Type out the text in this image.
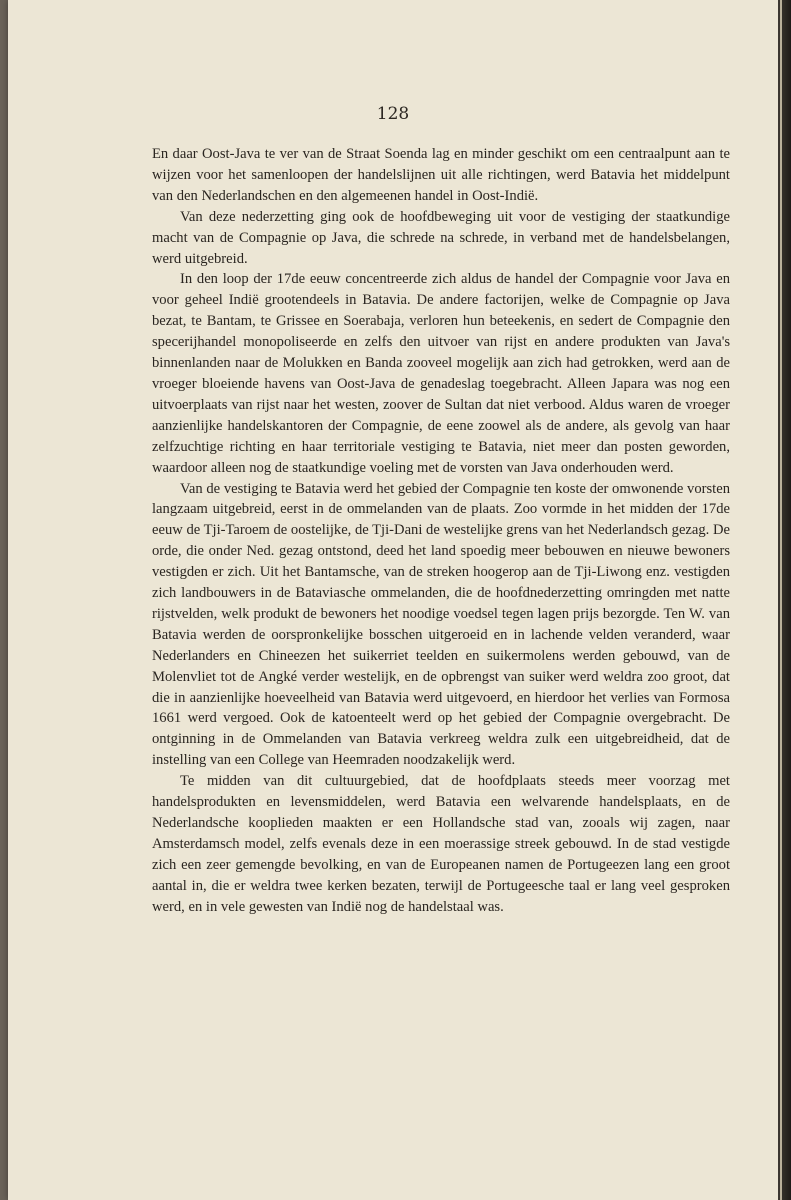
128

En daar Oost-Java te ver van de Straat Soenda lag en minder geschikt om een centraalpunt aan te wijzen voor het samenloopen der handelslijnen uit alle richtingen, werd Batavia het middelpunt van den Nederlandschen en den algemeenen handel in Oost-Indië.

Van deze nederzetting ging ook de hoofdbeweging uit voor de vestiging der staatkundige macht van de Compagnie op Java, die schrede na schrede, in verband met de handelsbelangen, werd uitgebreid.

In den loop der 17de eeuw concentreerde zich aldus de handel der Compagnie voor Java en voor geheel Indië grootendeels in Batavia. De andere factorijen, welke de Compagnie op Java bezat, te Bantam, te Grissee en Soerabaja, verloren hun beteekenis, en sedert de Compagnie den specerijhandel monopoliseerde en zelfs den uitvoer van rijst en andere produkten van Java's binnenlanden naar de Molukken en Banda zooveel mogelijk aan zich had getrokken, werd aan de vroeger bloeiende havens van Oost-Java de genadeslag toegebracht. Alleen Japara was nog een uitvoerplaats van rijst naar het westen, zoover de Sultan dat niet verbood. Aldus waren de vroeger aanzienlijke handelskantoren der Compagnie, de eene zoowel als de andere, als gevolg van haar zelfzuchtige richting en haar territoriale vestiging te Batavia, niet meer dan posten geworden, waardoor alleen nog de staatkundige voeling met de vorsten van Java onderhouden werd.

Van de vestiging te Batavia werd het gebied der Compagnie ten koste der omwonende vorsten langzaam uitgebreid, eerst in de ommelanden van de plaats. Zoo vormde in het midden der 17de eeuw de Tji-Taroem de oostelijke, de Tji-Dani de westelijke grens van het Nederlandsch gezag. De orde, die onder Ned. gezag ontstond, deed het land spoedig meer bebouwen en nieuwe bewoners vestigden er zich. Uit het Bantamsche, van de streken hoogerop aan de Tji-Liwong enz. vestigden zich landbouwers in de Bataviasche ommelanden, die de hoofdnederzetting omringden met natte rijstvelden, welk produkt de bewoners het noodige voedsel tegen lagen prijs bezorgde. Ten W. van Batavia werden de oorspronkelijke bosschen uitgeroeid en in lachende velden veranderd, waar Nederlanders en Chineezen het suikerriet teelden en suikermolens werden gebouwd, van de Molenvliet tot de Angké verder westelijk, en de opbrengst van suiker werd weldra zoo groot, dat die in aanzienlijke hoeveelheid van Batavia werd uitgevoerd, en hierdoor het verlies van Formosa 1661 werd vergoed. Ook de katoenteelt werd op het gebied der Compagnie overgebracht. De ontginning in de Ommelanden van Batavia verkreeg weldra zulk een uitgebreidheid, dat de instelling van een College van Heemraden noodzakelijk werd.

Te midden van dit cultuurgebied, dat de hoofdplaats steeds meer voorzag met handelsprodukten en levensmiddelen, werd Batavia een welvarende handelsplaats, en de Nederlandsche kooplieden maakten er een Hollandsche stad van, zooals wij zagen, naar Amsterdamsch model, zelfs evenals deze in een moerassige streek gebouwd. In de stad vestigde zich een zeer gemengde bevolking, en van de Europeanen namen de Portugeezen lang een groot aantal in, die er weldra twee kerken bezaten, terwijl de Portugeesche taal er lang veel gesproken werd, en in vele gewesten van Indië nog de handelstaal was.
